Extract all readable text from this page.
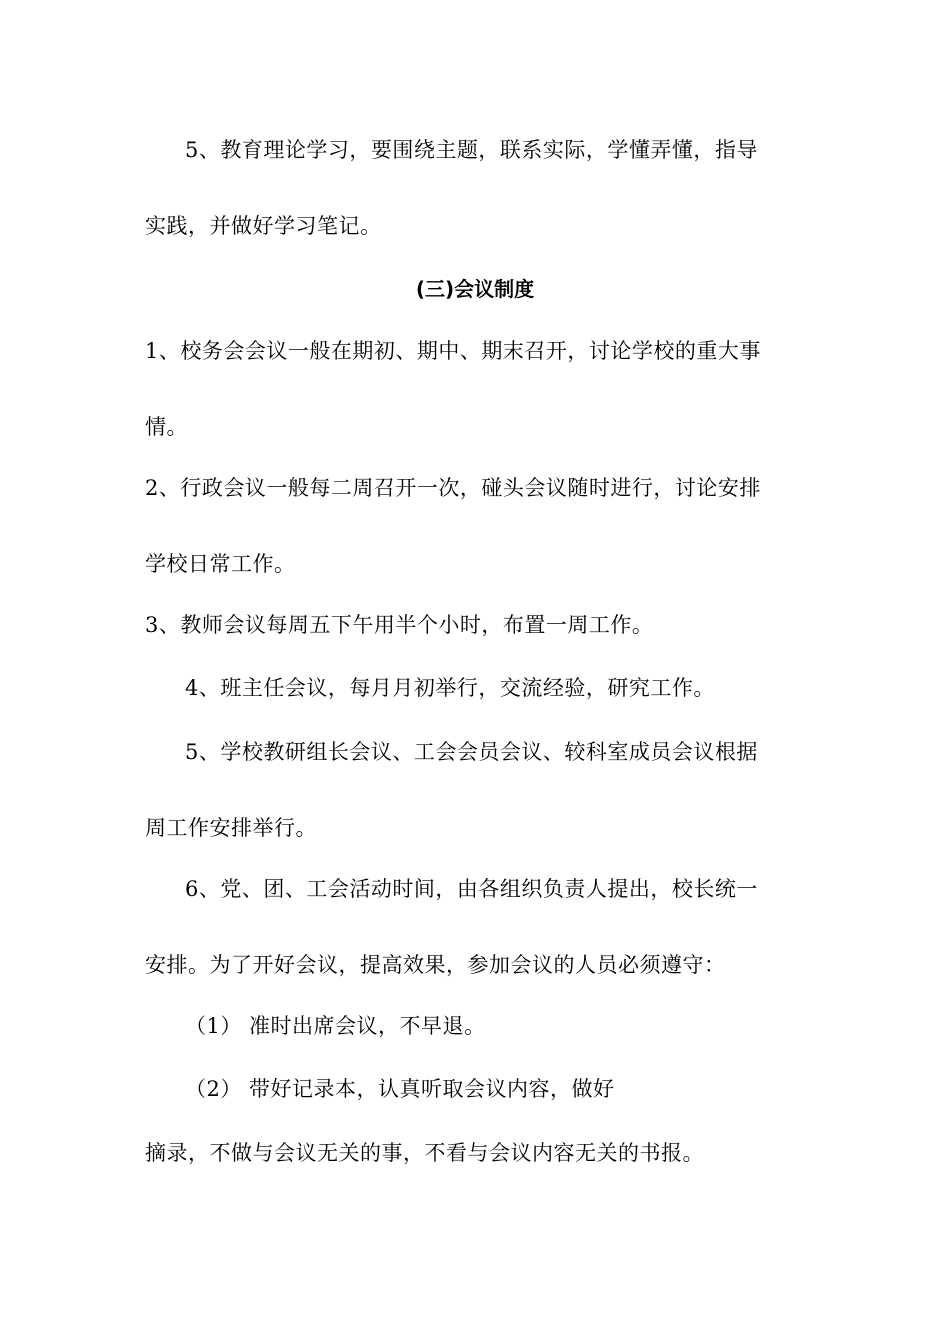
5、教育理论学习，要围绕主题，联系实际，学懂弄懂，指导
实践，并做好学习笔记。
(三)会议制度
1、校务会会议一般在期初、期中、期末召开，讨论学校的重大事
情。
2、行政会议一般每二周召开一次，碰头会议随时进行，讨论安排
学校日常工作。
3、教师会议每周五下午用半个小时，布置一周工作。
4、班主任会议，每月月初举行，交流经验，研究工作。
5、学校教研组长会议、工会会员会议、较科室成员会议根据
周工作安排举行。
6、党、团、工会活动时间，由各组织负责人提出，校长统一
安排。为了开好会议，提高效果，参加会议的人员必须遵守：
（1） 准时出席会议，不早退。
（2） 带好记录本，认真听取会议内容，做好
摘录，不做与会议无关的事，不看与会议内容无关的书报。
